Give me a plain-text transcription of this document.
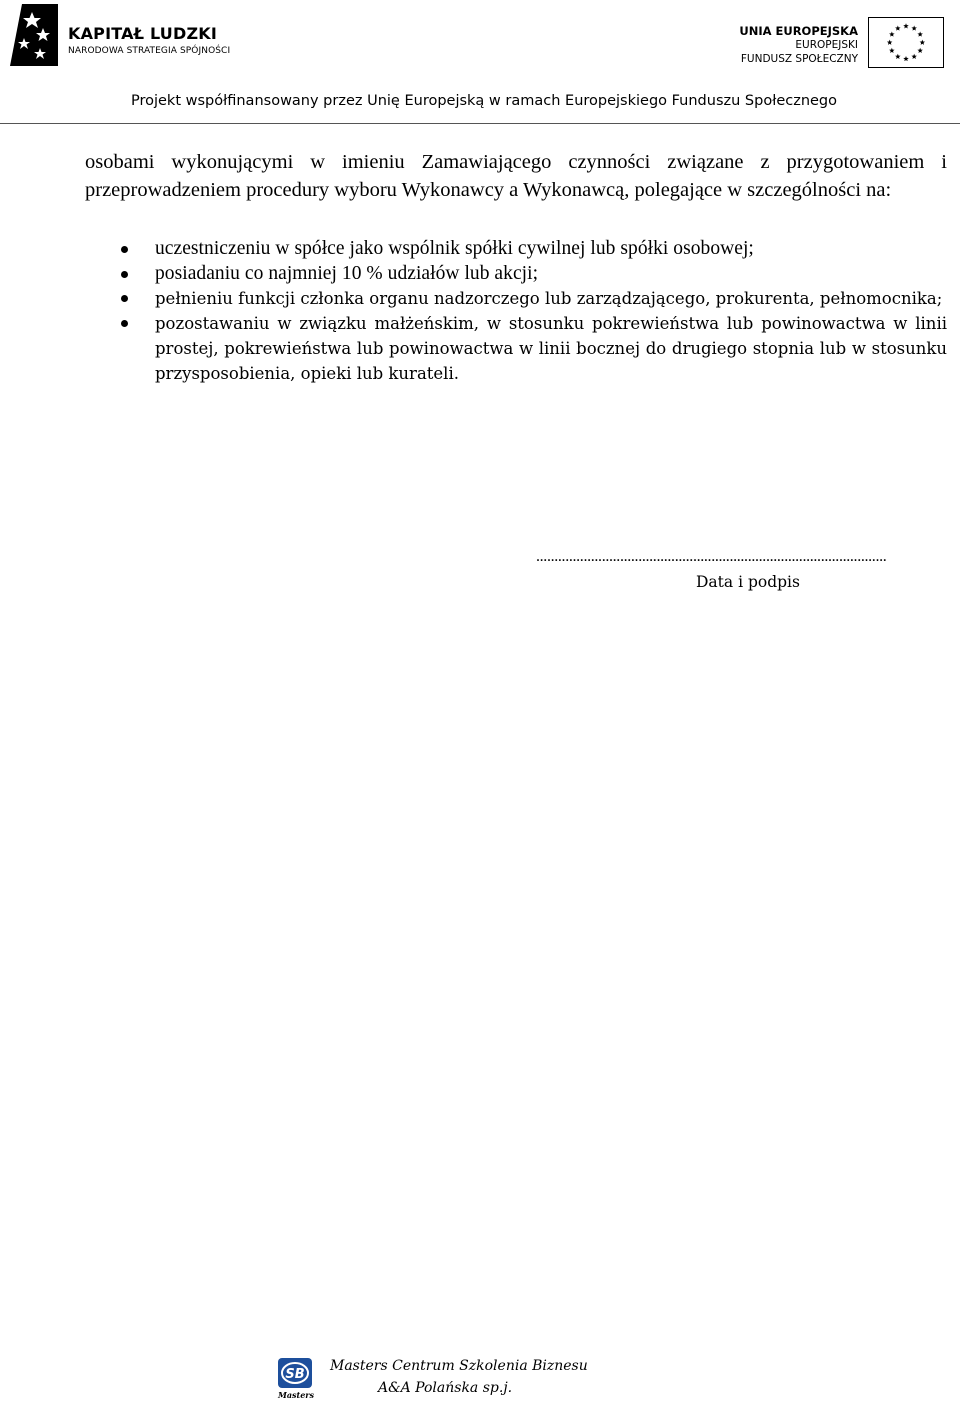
KAPITAŁ LUDZKI

NARODOWA STRATEGIA SPÓJNOŚCI

UNIA EUROPEJSKA
EUROPEJSKI
FUNDUSZ SPOŁECZNY
Projekt współfinansowany przez Unię Europejską w ramach Europejskiego Funduszu Społecznego

osobami wykonującymi w imieniu Zamawiającego czynności związane z przygotowaniem i przeprowadzeniem procedury wyboru Wykonawcy a Wykonawcą, polegające w szczególności na:

uczestniczeniu w spółce jako wspólnik spółki cywilnej lub spółki osobowej;
posiadaniu co najmniej 10 % udziałów lub akcji;
pełnieniu funkcji członka organu nadzorczego lub zarządzającego, prokurenta, pełnomocnika;
pozostawaniu w związku małżeńskim, w stosunku pokrewieństwa lub powinowactwa w linii prostej, pokrewieństwa lub powinowactwa w linii bocznej do drugiego stopnia lub w stosunku przysposobienia, opieki lub kurateli.

................................................................................................

Data i podpis

SB
Masters

Masters Centrum Szkolenia Biznesu

A&A Polańska sp.j.
